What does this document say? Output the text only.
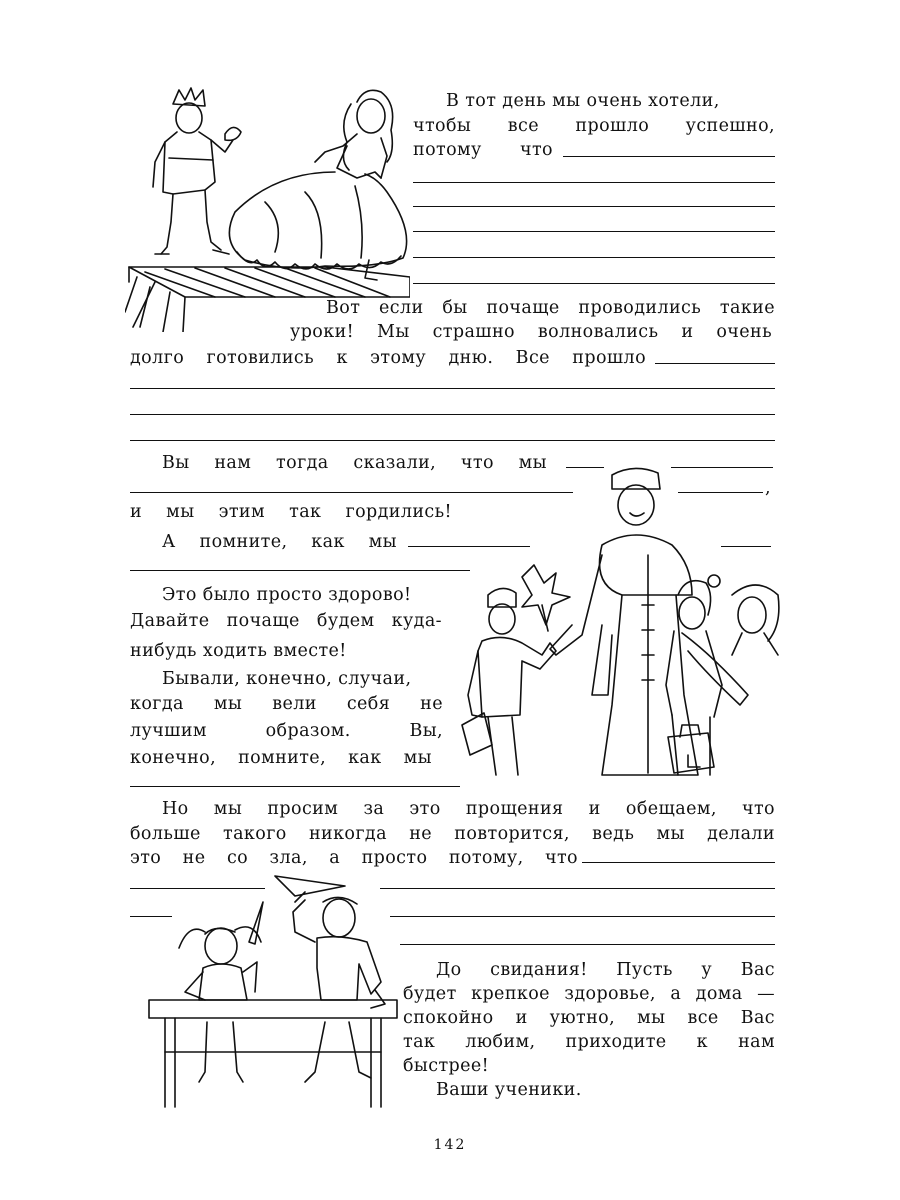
В тот день мы очень хотели,
чтобы все прошло успешно,
потому что
Вот если бы почаще проводились такие
уроки! Мы страшно волновались и очень
долго готовились к этому дню. Все прошло
Вы нам тогда сказали, что мы
,
и мы этим так гордились!
А помните, как мы
Это было просто здорово!
Давайте почаще будем куда-
нибудь ходить вместе!
Бывали, конечно, случаи,
когда мы вели себя не
лучшим образом. Вы,
конечно, помните, как мы
Но мы просим за это прощения и обещаем, что
больше такого никогда не повторится, ведь мы делали
это не со зла, а просто потому, что
До свидания! Пусть у Вас
будет крепкое здоровье, а дома —
спокойно и уютно, мы все Вас
так любим, приходите к нам
быстрее!
Ваши ученики.
142
